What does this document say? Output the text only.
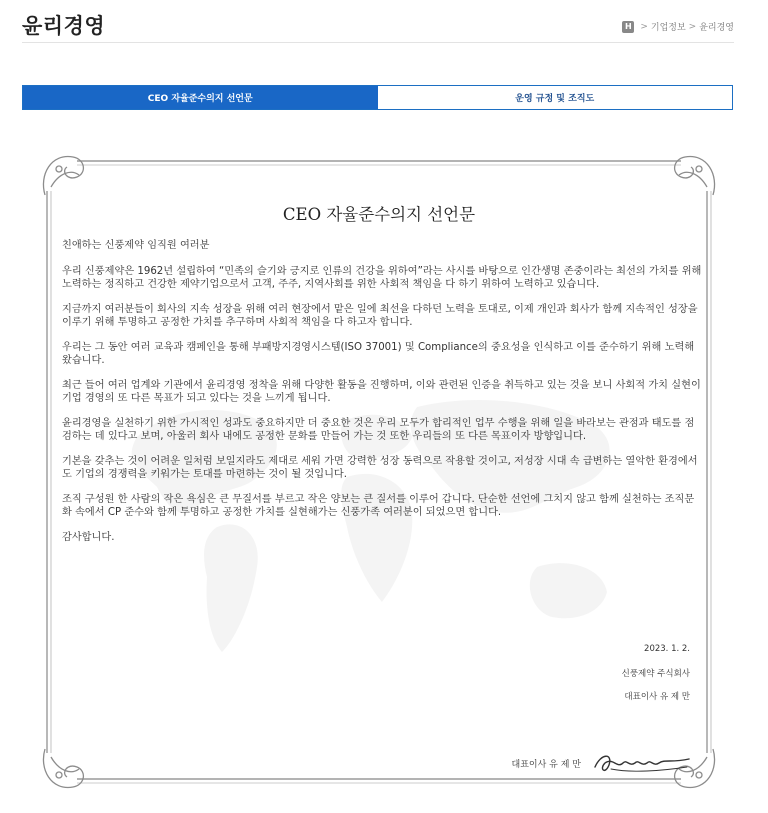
윤리경영	H > 기업정보 > 윤리경영
CEO 자율준수의지 선언문	운영 규정 및 조직도
CEO 자율준수의지 선언문

친애하는 신풍제약 임직원 여러분

우리 신풍제약은 1962년 설립하여 “민족의 슬기와 긍지로 인류의 건강을 위하여”라는 사시를 바탕으로 인간생명 존중이라는 최선의 가치를 위해 노력하는 정직하고 건강한 제약기업으로서 고객, 주주, 지역사회를 위한 사회적 책임을 다 하기 위하여 노력하고 있습니다.

지금까지 여러분들이 회사의 지속 성장을 위해 여러 현장에서 맡은 일에 최선을 다하던 노력을 토대로, 이제 개인과 회사가 함께 지속적인 성장을 이루기 위해 투명하고 공정한 가치를 추구하며 사회적 책임을 다 하고자 합니다.

우리는 그 동안 여러 교육과 캠페인을 통해 부패방지경영시스템(ISO 37001) 및 Compliance의 중요성을 인식하고 이를 준수하기 위해 노력해 왔습니다.

최근 들어 여러 업계와 기관에서 윤리경영 정착을 위해 다양한 활동을 진행하며, 이와 관련된 인증을 취득하고 있는 것을 보니 사회적 가치 실현이 기업 경영의 또 다른 목표가 되고 있다는 것을 느끼게 됩니다.

윤리경영을 실천하기 위한 가시적인 성과도 중요하지만 더 중요한 것은 우리 모두가 합리적인 업무 수행을 위해 일을 바라보는 관점과 태도를 점검하는 데 있다고 보며, 아울러 회사 내에도 공정한 문화를 만들어 가는 것 또한 우리들의 또 다른 목표이자 방향입니다.

기본을 갖추는 것이 어려운 일처럼 보일지라도 제대로 세워 가면 강력한 성장 동력으로 작용할 것이고, 저성장 시대 속 급변하는 열악한 환경에서도 기업의 경쟁력을 키워가는 토대를 마련하는 것이 될 것입니다.

조직 구성원 한 사람의 작은 욕심은 큰 무질서를 부르고 작은 양보는 큰 질서를 이루어 갑니다. 단순한 선언에 그치지 않고 함께 실천하는 조직문화 속에서 CP 준수와 함께 투명하고 공정한 가치를 실현해가는 신풍가족 여러분이 되었으면 합니다.

감사합니다.

2023. 1. 2.
신풍제약 주식회사
대표이사 유 제 만
대표이사 유 제 만
